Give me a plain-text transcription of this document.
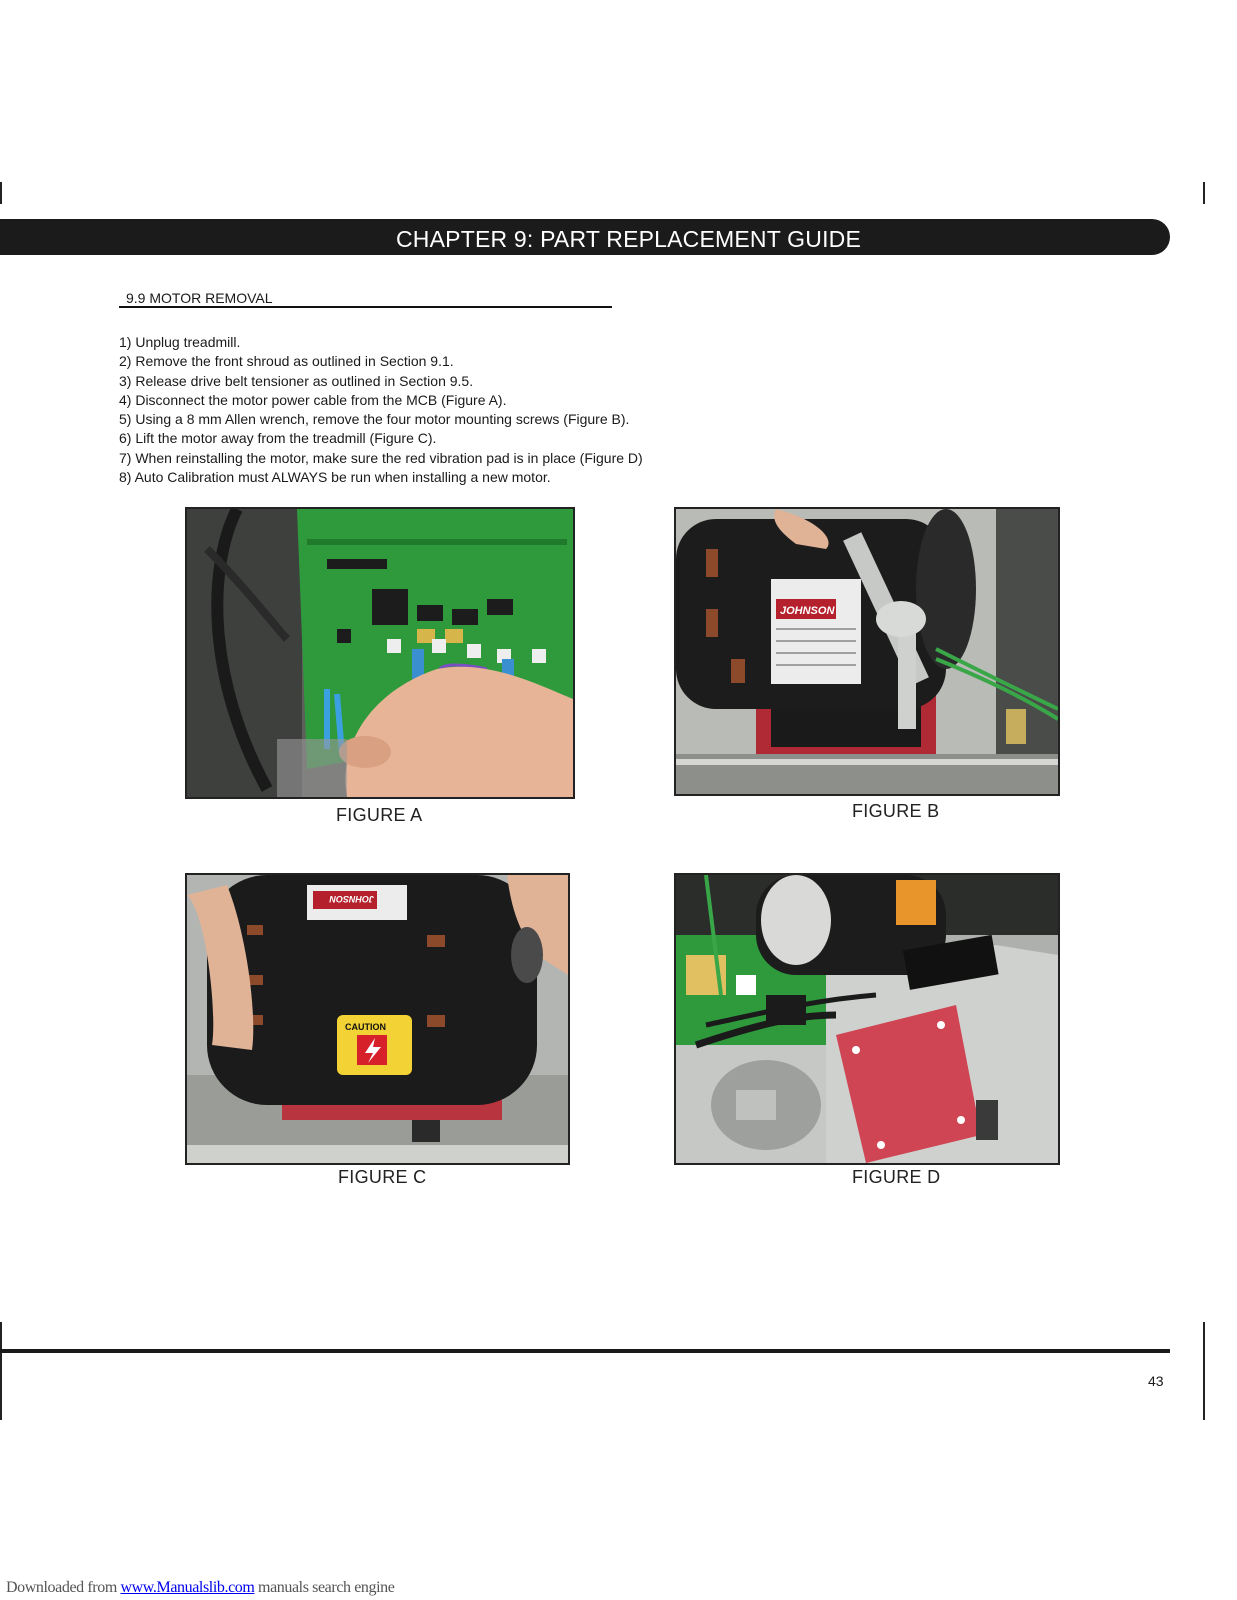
CHAPTER 9: PART REPLACEMENT GUIDE
9.9 MOTOR REMOVAL
1) Unplug treadmill.
2) Remove the front shroud as outlined in Section 9.1.
3) Release drive belt tensioner as outlined in Section 9.5.
4) Disconnect the motor power cable from the MCB (Figure A).
5) Using a 8 mm Allen wrench, remove the four motor mounting screws (Figure B).
6) Lift the motor away from the treadmill (Figure C).
7) When reinstalling the motor, make sure the red vibration pad is in place (Figure D)
8) Auto Calibration must ALWAYS be run when installing a new motor.
FIGURE A
JOHNSON
FIGURE B
JOHNSON
CAUTION
FIGURE C	FIGURE D
43
Downloaded from www.Manualslib.com manuals search engine
